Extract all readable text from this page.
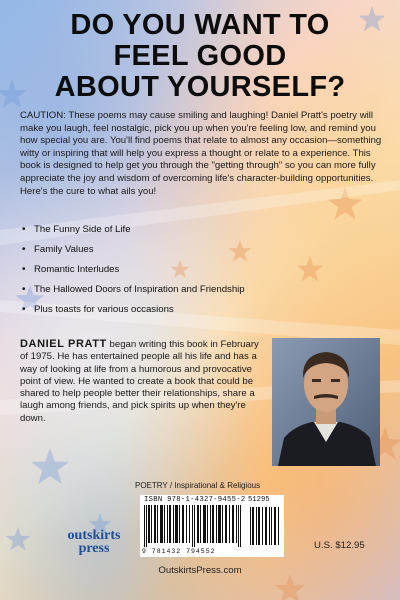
DO YOU WANT TO
FEEL GOOD
ABOUT YOURSELF?

CAUTION: These poems may cause smiling and laughing! Daniel Pratt's poetry will make you laugh, feel nostalgic, pick you up when you're feeling low, and remind you how special you are. You'll find poems that relate to almost any occasion—something witty or inspiring that will help you express a thought or relate to a experience. This book is designed to help get you through the "getting through" so you can more fully appreciate the joy and wisdom of overcoming life's character-building opportunities. Here's the cure to what ails you!

• The Funny Side of Life
• Family Values
• Romantic Interludes
• The Hallowed Doors of Inspiration and Friendship
• Plus toasts for various occasions

DANIEL PRATT began writing this book in February of 1975. He has entertained people all his life and has a way of looking at life from a humorous and provocative point of view. He wanted to create a book that could be shared to help people better their relationships, share a laugh among friends, and pick spirits up when they're down.

POETRY / Inspirational & Religious
ISBN 978-1-4327-9455-2 51295
9 781432 794552
outskirts
press	U.S. $12.95
OutskirtsPress.com
